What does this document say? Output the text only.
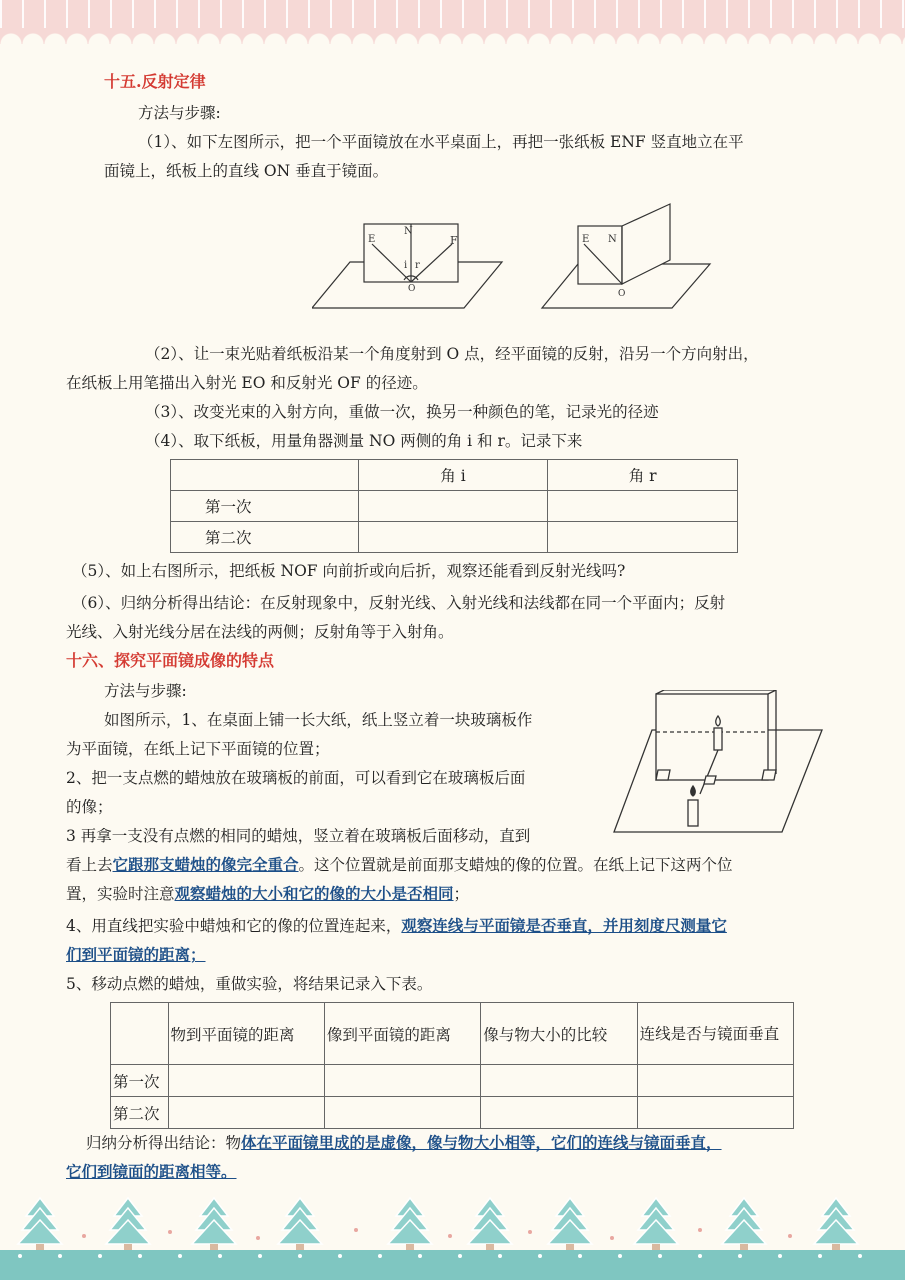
十五.反射定律
方法与步骤:
（1）、如下左图所示，把一个平面镜放在水平桌面上，再把一张纸板 ENF 竖直地立在平
面镜上，纸板上的直线 ON 垂直于镜面。
E
N
F
i r
O
E N
O
（2）、让一束光贴着纸板沿某一个角度射到 O 点，经平面镜的反射，沿另一个方向射出，
在纸板上用笔描出入射光 EO 和反射光 OF 的径迹。
（3）、改变光束的入射方向，重做一次，换另一种颜色的笔，记录光的径迹
（4）、取下纸板，用量角器测量 NO 两侧的角 i 和 r。记录下来
	角 i	角 r
第一次		
第二次		
（5）、如上右图所示，把纸板 NOF 向前折或向后折，观察还能看到反射光线吗?
（6）、归纳分析得出结论：在反射现象中，反射光线、入射光线和法线都在同一个平面内；反射
光线、入射光线分居在法线的两侧；反射角等于入射角。
十六、探究平面镜成像的特点
方法与步骤:
如图所示，1、在桌面上铺一长大纸，纸上竖立着一块玻璃板作
为平面镜，在纸上记下平面镜的位置；
2、把一支点燃的蜡烛放在玻璃板的前面，可以看到它在玻璃板后面
的像；
3 再拿一支没有点燃的相同的蜡烛，竖立着在玻璃板后面移动，直到
看上去它跟那支蜡烛的像完全重合。这个位置就是前面那支蜡烛的像的位置。在纸上记下这两个位
置，实验时注意观察蜡烛的大小和它的像的大小是否相同；
4、用直线把实验中蜡烛和它的像的位置连起来，观察连线与平面镜是否垂直，并用刻度尺测量它
们到平面镜的距离；
5、移动点燃的蜡烛，重做实验，将结果记录入下表。
	物到平面镜的距离	像到平面镜的距离	像与物大小的比较	连线是否与镜面垂直
第一次				
第二次				
归纳分析得出结论：物体在平面镜里成的是虚像，像与物大小相等，它们的连线与镜面垂直，
它们到镜面的距离相等。
